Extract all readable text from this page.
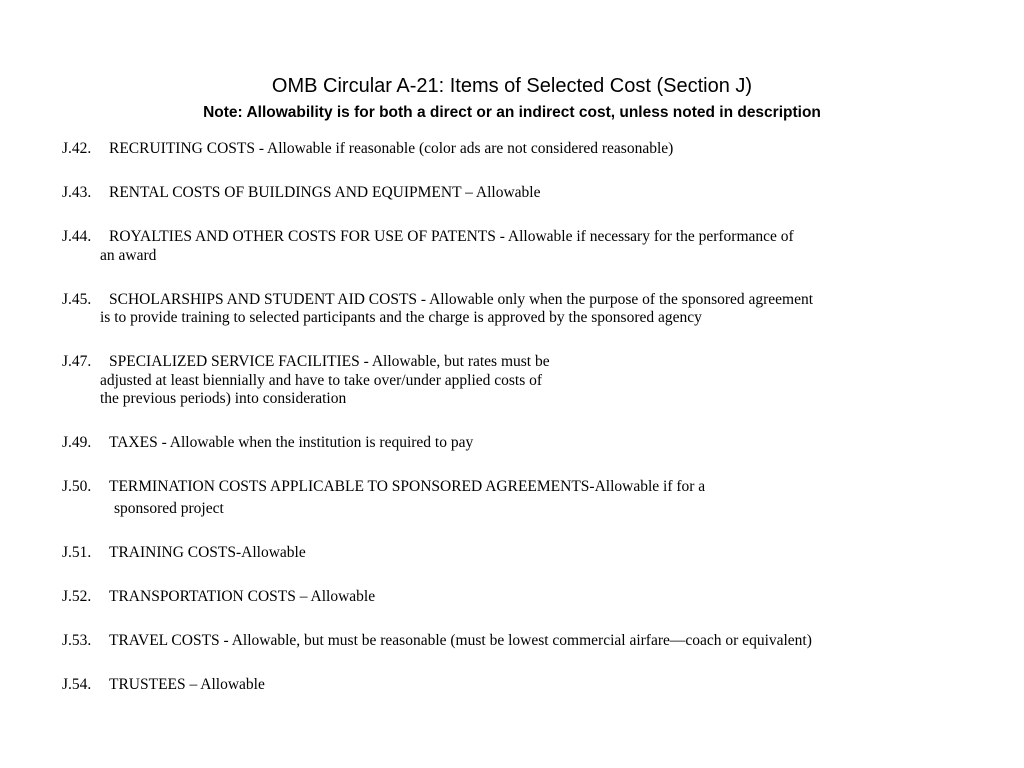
OMB Circular A-21: Items of Selected Cost (Section J)
Note: Allowability is for both a direct or an indirect cost, unless noted in description
J.42. RECRUITING COSTS - Allowable if reasonable (color ads are not considered reasonable)
J.43. RENTAL COSTS OF BUILDINGS AND EQUIPMENT – Allowable
J.44. ROYALTIES AND OTHER COSTS FOR USE OF PATENTS - Allowable if necessary for the performance of
an award
J.45. SCHOLARSHIPS AND STUDENT AID COSTS - Allowable only when the purpose of the sponsored agreement
is to provide training to selected participants and the charge is approved by the sponsored agency
J.47. SPECIALIZED SERVICE FACILITIES - Allowable, but rates must be
adjusted at least biennially and have to take over/under applied costs of
the previous periods) into consideration
J.49. TAXES - Allowable when the institution is required to pay
J.50. TERMINATION COSTS APPLICABLE TO SPONSORED AGREEMENTS-Allowable if for a
sponsored project
J.51. TRAINING COSTS-Allowable
J.52. TRANSPORTATION COSTS – Allowable
J.53. TRAVEL COSTS - Allowable, but must be reasonable (must be lowest commercial airfare—coach or equivalent)
J.54. TRUSTEES – Allowable
